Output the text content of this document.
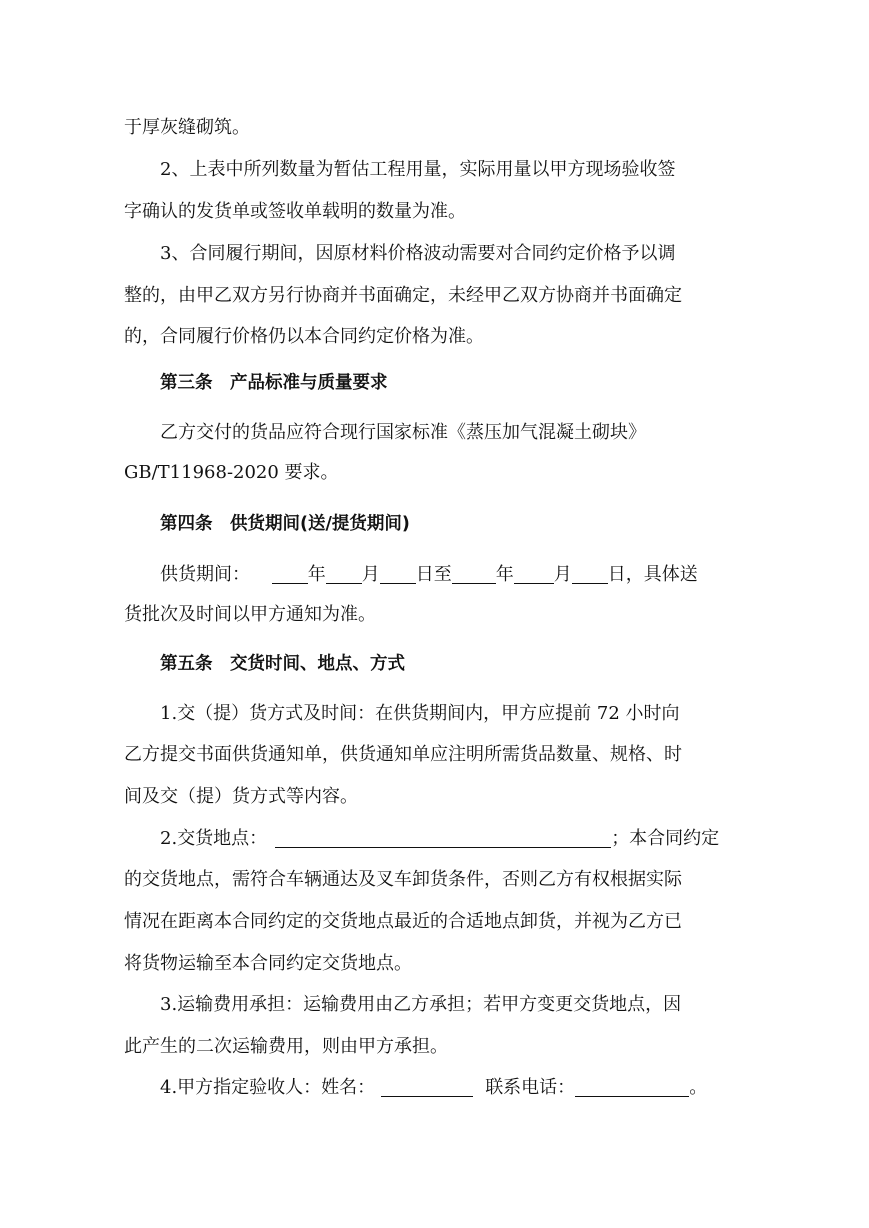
于厚灰缝砌筑。
2、上表中所列数量为暂估工程用量，实际用量以甲方现场验收签
字确认的发货单或签收单载明的数量为准。
3、合同履行期间，因原材料价格波动需要对合同约定价格予以调
整的，由甲乙双方另行协商并书面确定，未经甲乙双方协商并书面确定
的，合同履行价格仍以本合同约定价格为准。
第三条　产品标准与质量要求
乙方交付的货品应符合现行国家标准《蒸压加气混凝土砌块》
GB/T11968-2020 要求。
第四条　供货期间(送/提货期间)
供货期间：	年 月 日至 年 月 日，具体送
货批次及时间以甲方通知为准。
第五条　交货时间、地点、方式
1.交（提）货方式及时间：在供货期间内，甲方应提前 72 小时向
乙方提交书面供货通知单，供货通知单应注明所需货品数量、规格、时
间及交（提）货方式等内容。
2.交货地点：	；本合同约定
的交货地点，需符合车辆通达及叉车卸货条件，否则乙方有权根据实际
情况在距离本合同约定的交货地点最近的合适地点卸货，并视为乙方已
将货物运输至本合同约定交货地点。
3.运输费用承担：运输费用由乙方承担；若甲方变更交货地点，因
此产生的二次运输费用，则由甲方承担。
4.甲方指定验收人：姓名：	联系电话：	。
